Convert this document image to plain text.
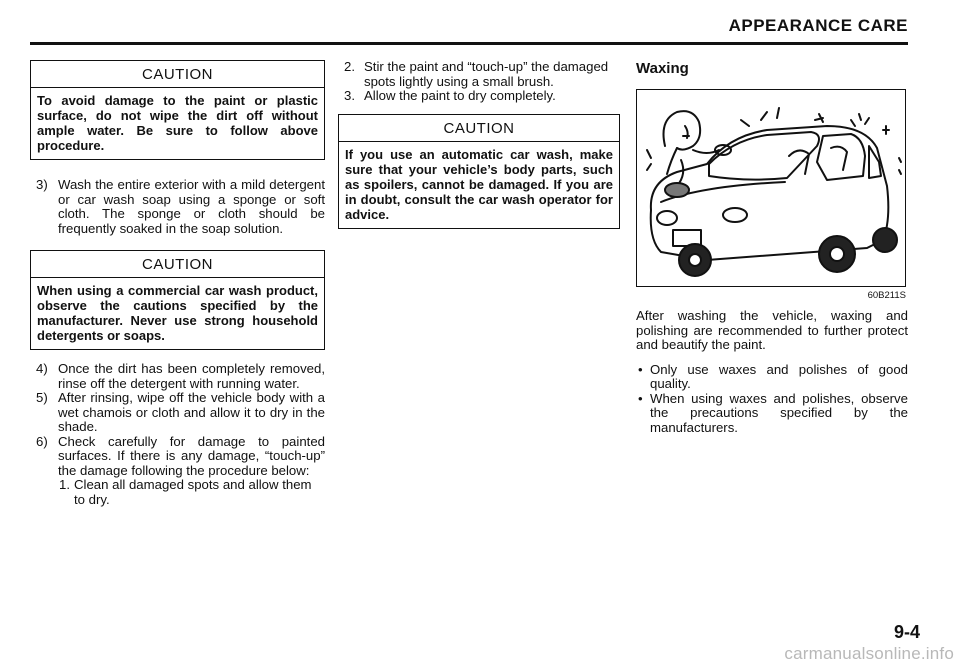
APPEARANCE CARE
CAUTION
To avoid damage to the paint or plastic surface, do not wipe the dirt off without ample water. Be sure to follow above procedure.
3) Wash the entire exterior with a mild detergent or car wash soap using a sponge or soft cloth. The sponge or cloth should be frequently soaked in the soap solution.
CAUTION
When using a commercial car wash product, observe the cautions specified by the manufacturer. Never use strong household detergents or soaps.
4) Once the dirt has been completely removed, rinse off the detergent with running water.
5) After rinsing, wipe off the vehicle body with a wet chamois or cloth and allow it to dry in the shade.
6) Check carefully for damage to painted surfaces. If there is any damage, “touch-up” the damage following the procedure below:
1. Clean all damaged spots and allow them to dry.
2. Stir the paint and “touch-up” the damaged spots lightly using a small brush.
3. Allow the paint to dry completely.
CAUTION
If you use an automatic car wash, make sure that your vehicle’s body parts, such as spoilers, cannot be damaged. If you are in doubt, consult the car wash operator for advice.
Waxing
60B211S
After washing the vehicle, waxing and polishing are recommended to further protect and beautify the paint.
• Only use waxes and polishes of good quality.
• When using waxes and polishes, observe the precautions specified by the manufacturers.
9-4
carmanualsonline.info
